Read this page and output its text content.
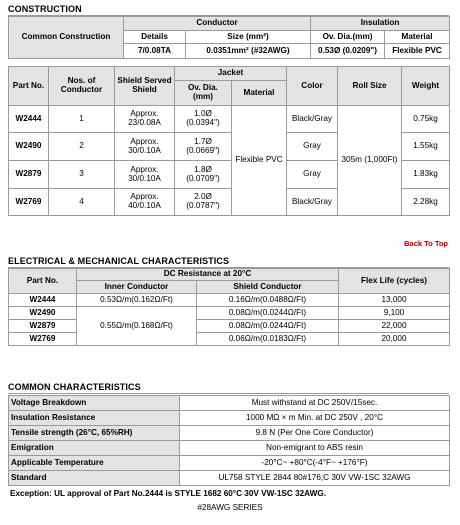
CONSTRUCTION
Common Construction	Conductor		Insulation	
	Details	Size (mm²)	Ov. Dia.(mm)	Material
	7/0.08TA	0.0351mm² (#32AWG)	0.53Ø (0.0209")	Flexible PVC
Part No.	Nos. of Conductor	Shield Served Shield	Jacket		Color	Roll Size	Weight
			Ov. Dia. (mm)	Material			
W2444	1	Approx. 23/0.08A	1.0Ø (0.0394")	Flexible PVC	Black/Gray	305m (1,000Ft)	0.75kg
W2490	2	Approx. 30/0.10A	1.7Ø (0.0669")		Gray		1.55kg
W2879	3	Approx. 30/0.10A	1.8Ø (0.0709")		Gray		1.83kg
W2769	4	Approx. 40/0.10A	2.0Ø (0.0787")		Black/Gray		2.28kg
Back To Top
ELECTRICAL & MECHANICAL CHARACTERISTICS
Part No.	DC Resistance at 20°C		Flex Life (cycles)
	Inner Conductor	Shield Conductor	
W2444	0.53Ω/m(0.162Ω/Ft)	0.16Ω/m(0.0488Ω/Ft)	13,000
W2490	0.55Ω/m(0.168Ω/Ft)	0.08Ω/m(0.0244Ω/Ft)	9,100
W2879		0.08Ω/m(0.0244Ω/Ft)	22,000
W2769		0.06Ω/m(0.0183Ω/Ft)	20,000
COMMON CHARACTERISTICS
Voltage Breakdown	Must withstand at DC 250V/15sec.
Insulation Resistance	1000 MΩ × m Min. at DC 250V , 20°C
Tensile strength (26°C, 65%RH)	9.8 N (Per One Core Conductor)
Emigration	Non-emigrant to ABS resin
Applicable Temperature	-20°C~ +80°C(-4°F~ +176°F)
Standard	UL758 STYLE 2844 80#176;C 30V VW-1SC 32AWG
Exception: UL approval of Part No.2444 is STYLE 1682 60°C 30V VW-1SC 32AWG.
#28AWG SERIES
